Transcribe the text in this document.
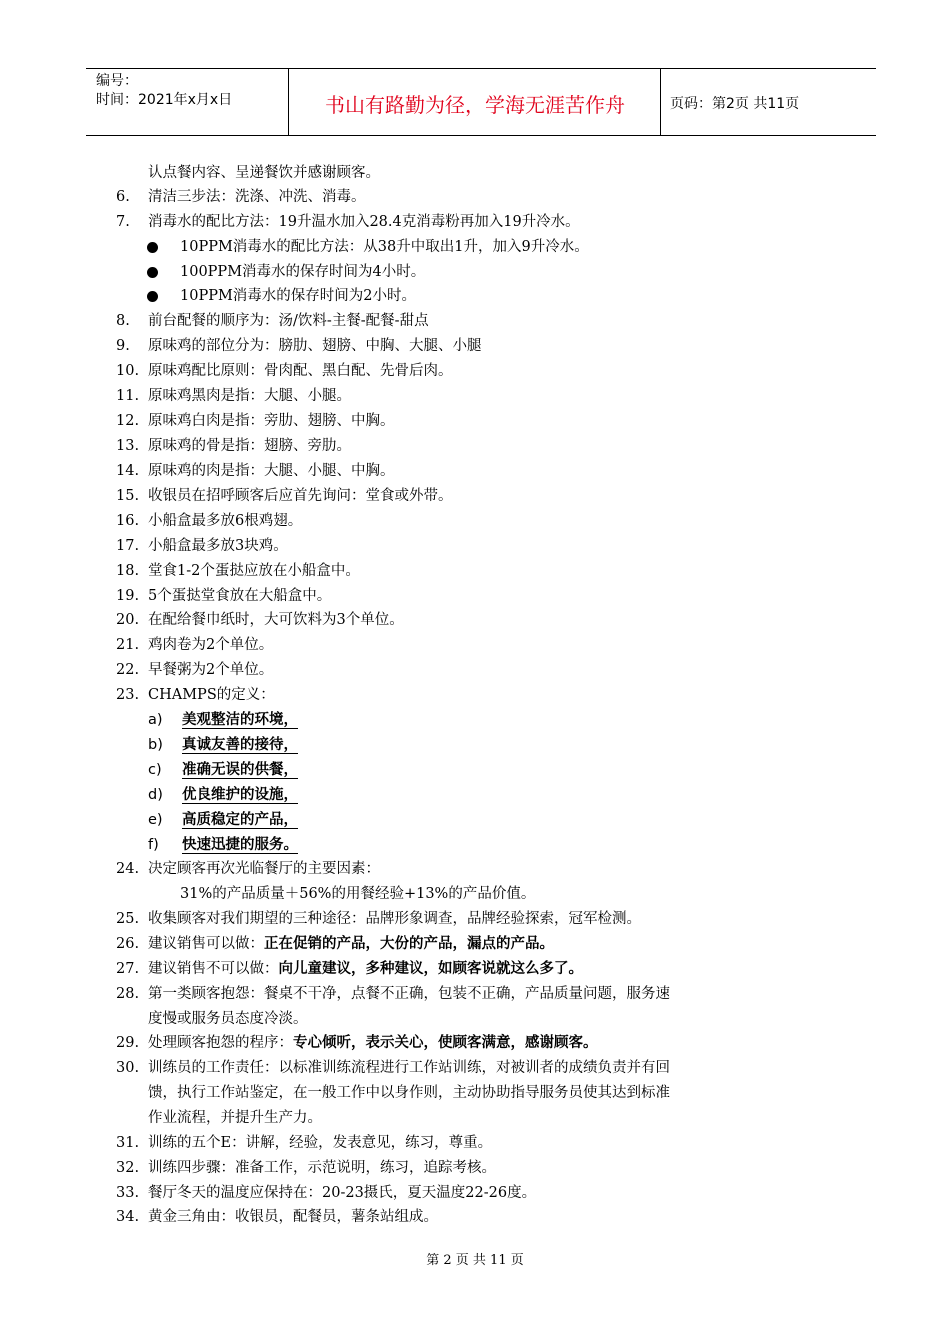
编号：
时间：2021年x月x日	书山有路勤为径，学海无涯苦作舟	页码：第2页 共11页
认点餐内容、呈递餐饮并感谢顾客。
6. 清洁三步法：洗涤、冲洗、消毒。
7. 消毒水的配比方法：19升温水加入28.4克消毒粉再加入19升冷水。
10PPM消毒水的配比方法：从38升中取出1升，加入9升冷水。
100PPM消毒水的保存时间为4小时。
10PPM消毒水的保存时间为2小时。
8. 前台配餐的顺序为：汤/饮料-主餐-配餐-甜点
9. 原味鸡的部位分为：膀肋、翅膀、中胸、大腿、小腿
10. 原味鸡配比原则：骨肉配、黑白配、先骨后肉。
11. 原味鸡黑肉是指：大腿、小腿。
12. 原味鸡白肉是指：旁肋、翅膀、中胸。
13. 原味鸡的骨是指：翅膀、旁肋。
14. 原味鸡的肉是指：大腿、小腿、中胸。
15. 收银员在招呼顾客后应首先询问：堂食或外带。
16. 小船盒最多放6根鸡翅。
17. 小船盒最多放3块鸡。
18. 堂食1-2个蛋挞应放在小船盒中。
19. 5个蛋挞堂食放在大船盒中。
20. 在配给餐巾纸时，大可饮料为3个单位。
21. 鸡肉卷为2个单位。
22. 早餐粥为2个单位。
23. CHAMPS的定义：
a) 美观整洁的环境，
b) 真诚友善的接待，
c) 准确无误的供餐，
d) 优良维护的设施，
e) 高质稳定的产品，
f) 快速迅捷的服务。
24. 决定顾客再次光临餐厅的主要因素：
31%的产品质量＋56%的用餐经验+13%的产品价值。
25. 收集顾客对我们期望的三种途径：品牌形象调查，品牌经验探索，冠军检测。
26. 建议销售可以做：正在促销的产品，大份的产品，漏点的产品。
27. 建议销售不可以做：向儿童建议，多种建议，如顾客说就这么多了。
28. 第一类顾客抱怨：餐桌不干净，点餐不正确，包装不正确，产品质量问题，服务速
度慢或服务员态度冷淡。
29. 处理顾客抱怨的程序：专心倾听，表示关心，使顾客满意，感谢顾客。
30. 训练员的工作责任：以标准训练流程进行工作站训练，对被训者的成绩负责并有回
馈，执行工作站鉴定，在一般工作中以身作则，主动协助指导服务员使其达到标准
作业流程，并提升生产力。
31. 训练的五个E：讲解，经验，发表意见，练习，尊重。
32. 训练四步骤：准备工作，示范说明，练习，追踪考核。
33. 餐厅冬天的温度应保持在：20-23摄氏，夏天温度22-26度。
34. 黄金三角由：收银员，配餐员，薯条站组成。
第 2 页 共 11 页
